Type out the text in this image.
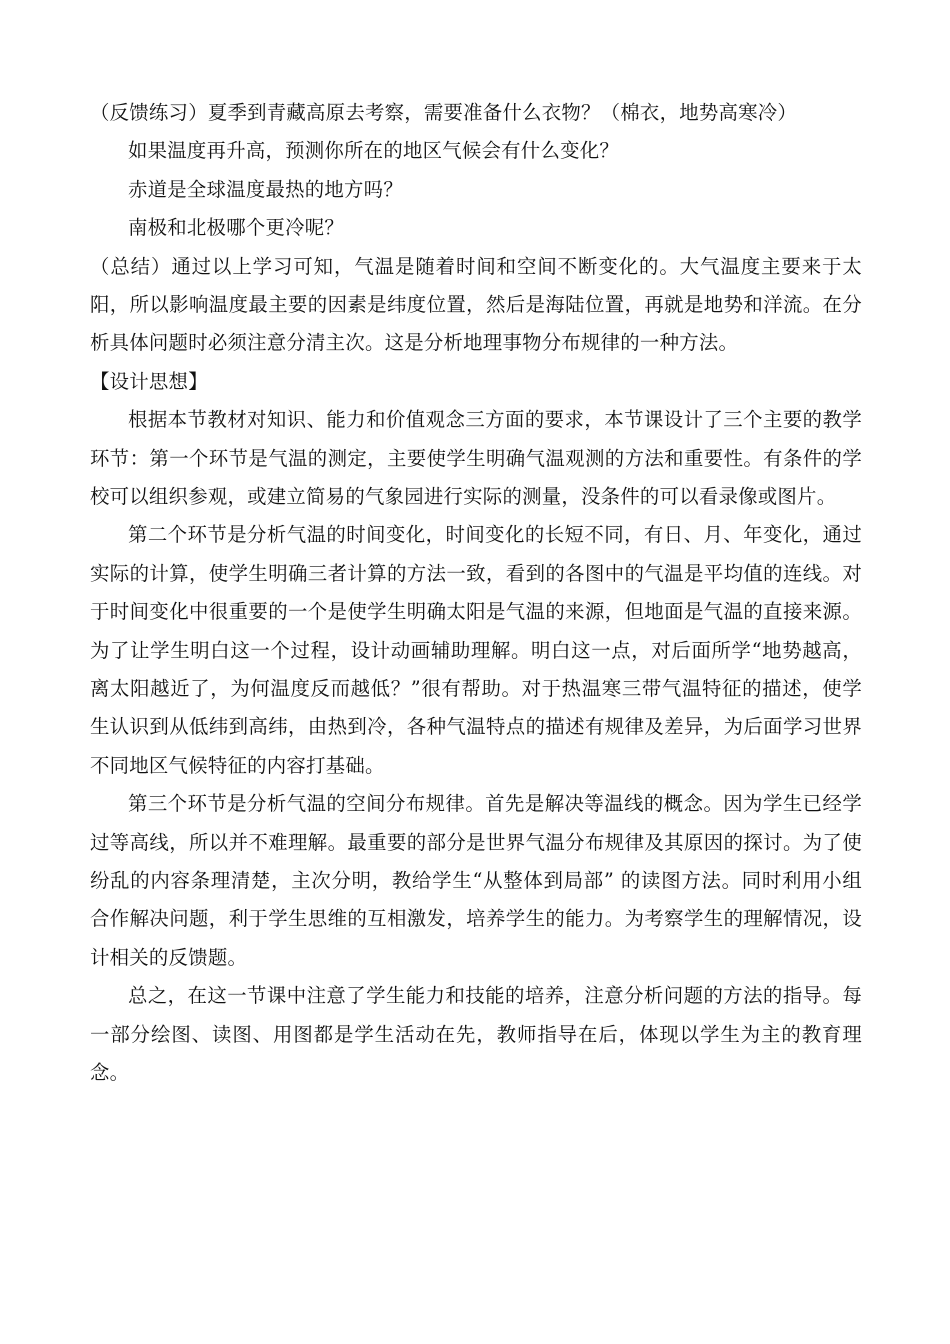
（反馈练习）夏季到青藏高原去考察，需要准备什么衣物？（棉衣，地势高寒冷）
如果温度再升高，预测你所在的地区气候会有什么变化？
赤道是全球温度最热的地方吗？
南极和北极哪个更冷呢？
（总结）通过以上学习可知，气温是随着时间和空间不断变化的。大气温度主要来于太阳，所以影响温度最主要的因素是纬度位置，然后是海陆位置，再就是地势和洋流。在分析具体问题时必须注意分清主次。这是分析地理事物分布规律的一种方法。
【设计思想】
根据本节教材对知识、能力和价值观念三方面的要求，本节课设计了三个主要的教学环节：第一个环节是气温的测定，主要使学生明确气温观测的方法和重要性。有条件的学校可以组织参观，或建立简易的气象园进行实际的测量，没条件的可以看录像或图片。
第二个环节是分析气温的时间变化，时间变化的长短不同，有日、月、年变化，通过实际的计算，使学生明确三者计算的方法一致，看到的各图中的气温是平均值的连线。对于时间变化中很重要的一个是使学生明确太阳是气温的来源，但地面是气温的直接来源。为了让学生明白这一个过程，设计动画辅助理解。明白这一点，对后面所学“地势越高，离太阳越近了，为何温度反而越低？”很有帮助。对于热温寒三带气温特征的描述，使学生认识到从低纬到高纬，由热到冷，各种气温特点的描述有规律及差异，为后面学习世界不同地区气候特征的内容打基础。
第三个环节是分析气温的空间分布规律。首先是解决等温线的概念。因为学生已经学过等高线，所以并不难理解。最重要的部分是世界气温分布规律及其原因的探讨。为了使纷乱的内容条理清楚，主次分明，教给学生“从整体到局部” 的读图方法。同时利用小组合作解决问题，利于学生思维的互相激发，培养学生的能力。为考察学生的理解情况，设计相关的反馈题。
总之，在这一节课中注意了学生能力和技能的培养，注意分析问题的方法的指导。每一部分绘图、读图、用图都是学生活动在先，教师指导在后，体现以学生为主的教育理念。
